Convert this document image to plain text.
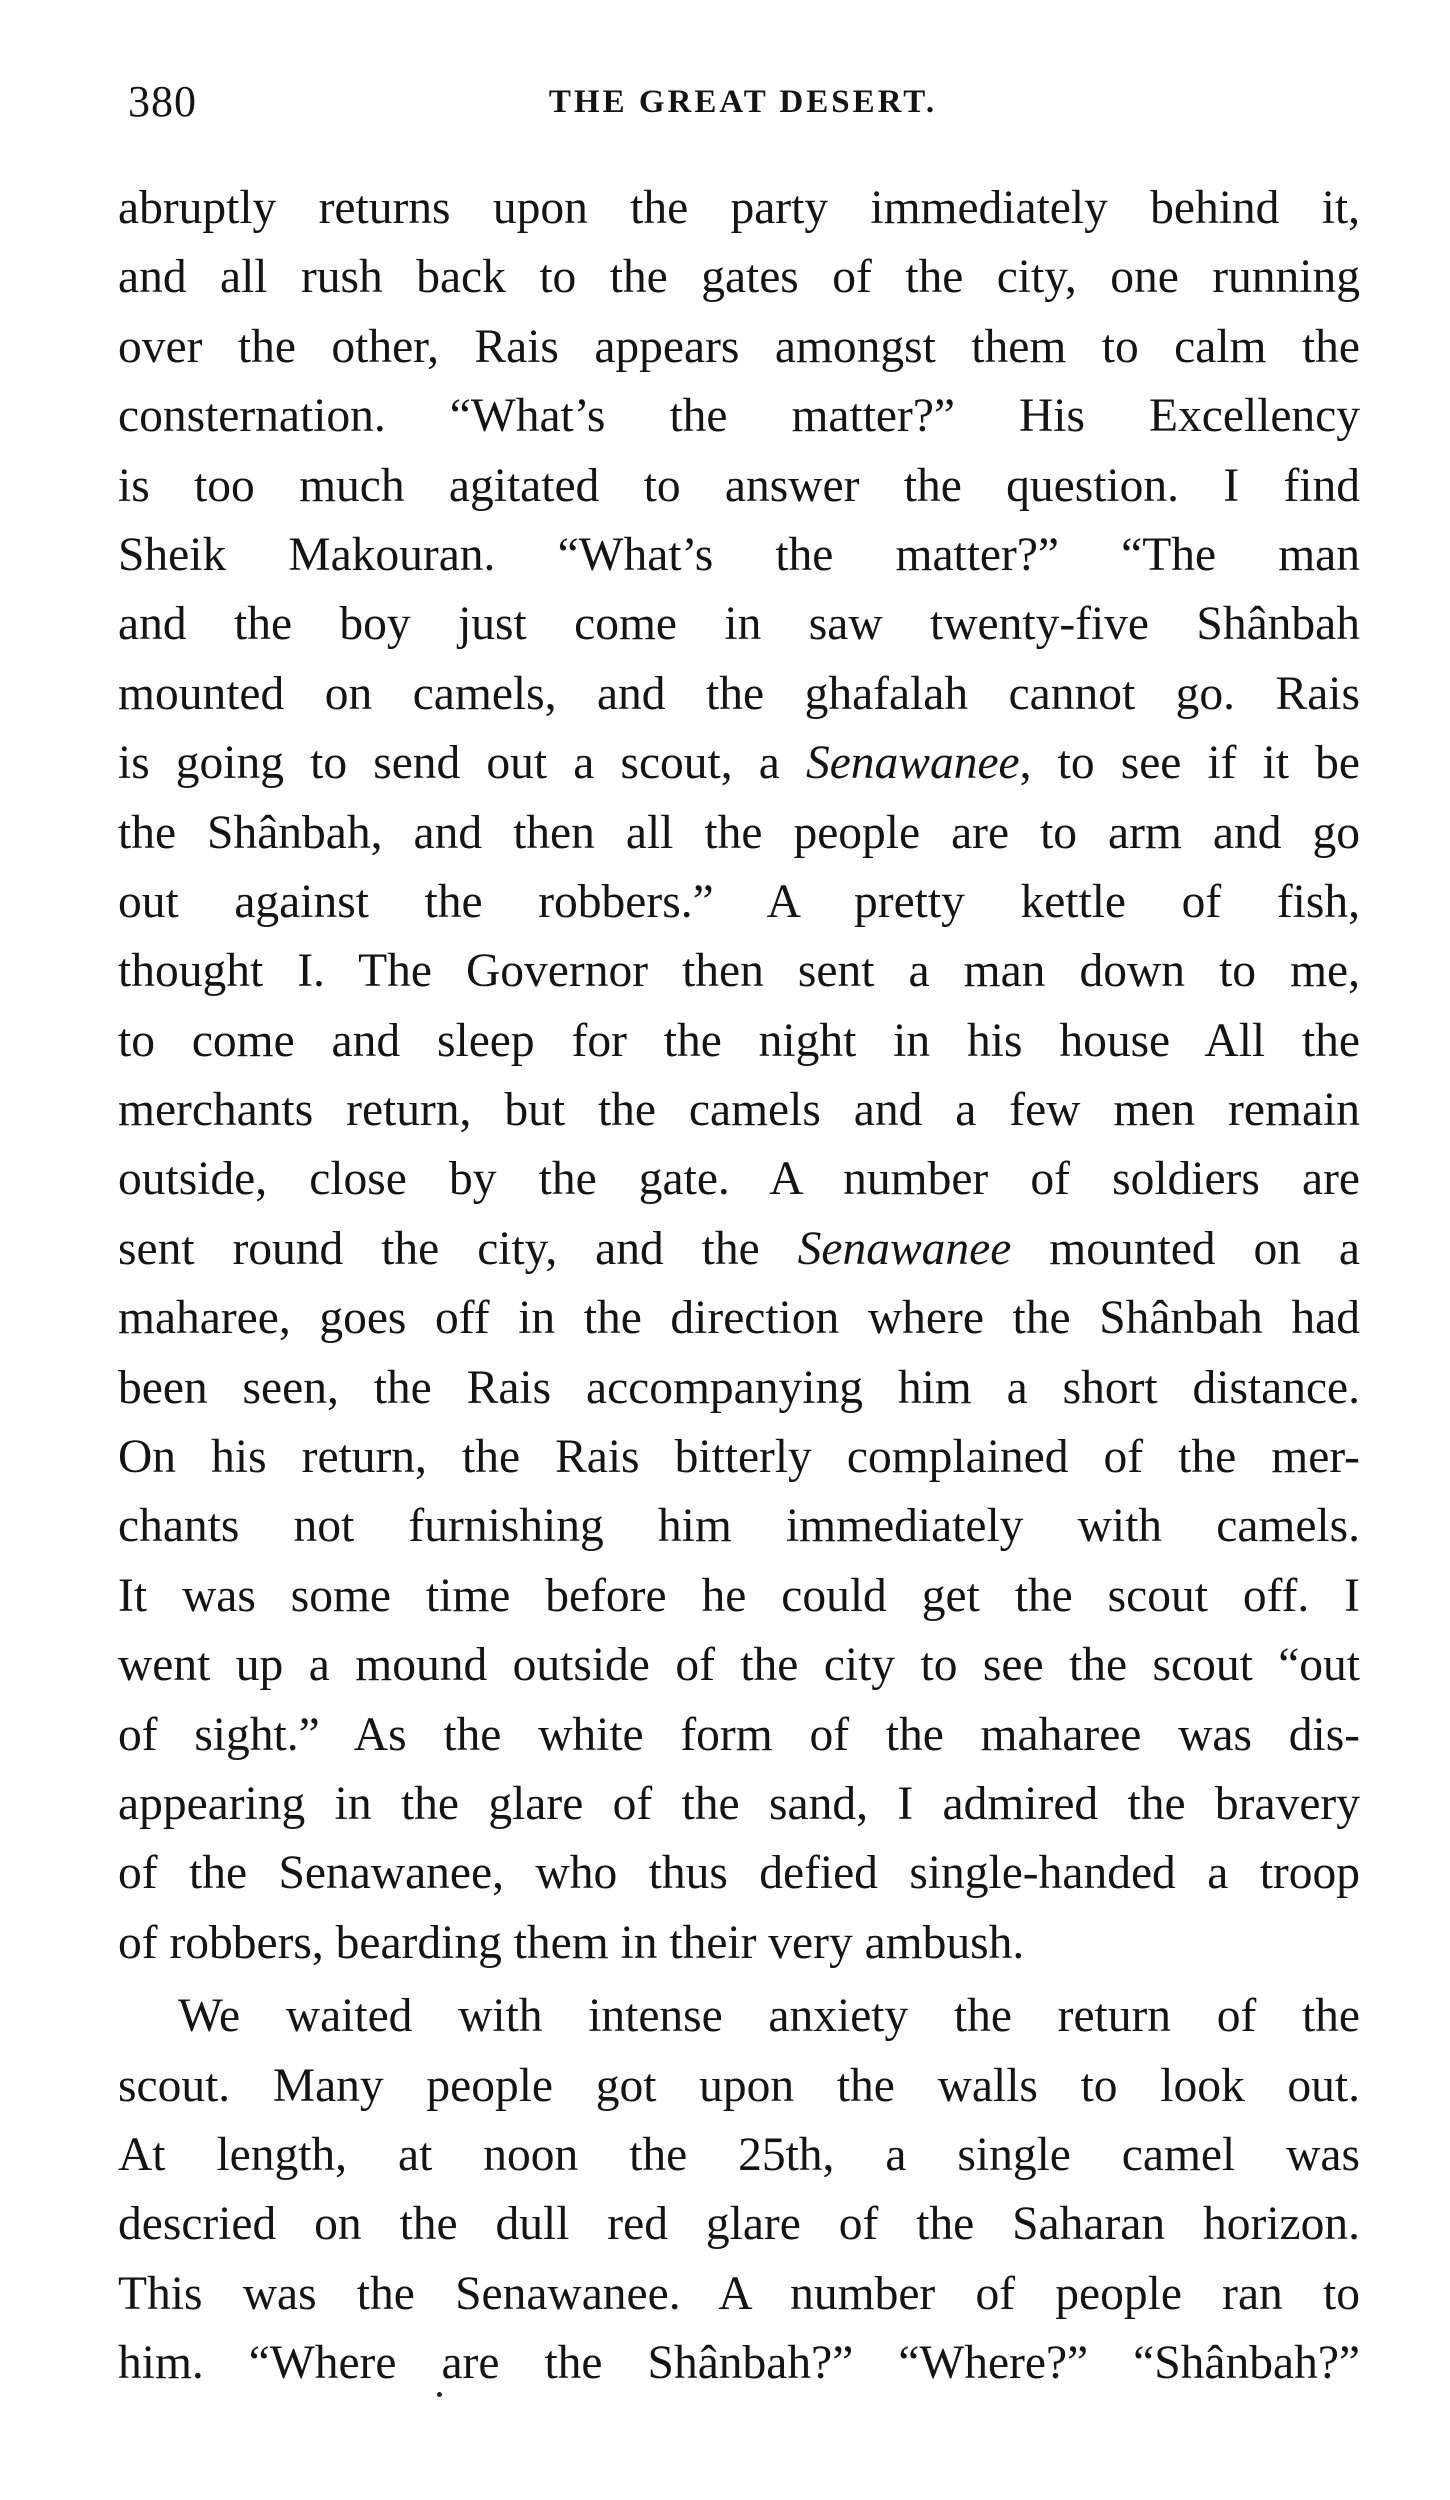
380	THE GREAT DESERT.
abruptly returns upon the party immediately behind it,
and all rush back to the gates of the city, one running
over the other, Rais appears amongst them to calm the
consternation. “What’s the matter?” His Excellency
is too much agitated to answer the question. I find
Sheik Makouran. “What’s the matter?” “The man
and the boy just come in saw twenty-five Shânbah
mounted on camels, and the ghafalah cannot go. Rais
is going to send out a scout, a Senawanee, to see if it be
the Shânbah, and then all the people are to arm and go
out against the robbers.” A pretty kettle of fish,
thought I. The Governor then sent a man down to me,
to come and sleep for the night in his house All the
merchants return, but the camels and a few men remain
outside, close by the gate. A number of soldiers are
sent round the city, and the Senawanee mounted on a
maharee, goes off in the direction where the Shânbah had
been seen, the Rais accompanying him a short distance.
On his return, the Rais bitterly complained of the mer-
chants not furnishing him immediately with camels.
It was some time before he could get the scout off. I
went up a mound outside of the city to see the scout “out
of sight.” As the white form of the maharee was dis-
appearing in the glare of the sand, I admired the bravery
of the Senawanee, who thus defied single-handed a troop
of robbers, bearding them in their very ambush.
We waited with intense anxiety the return of the
scout. Many people got upon the walls to look out.
At length, at noon the 25th, a single camel was
descried on the dull red glare of the Saharan horizon.
This was the Senawanee. A number of people ran to
him. “Where are the Shânbah?” “Where?” “Shânbah?”
